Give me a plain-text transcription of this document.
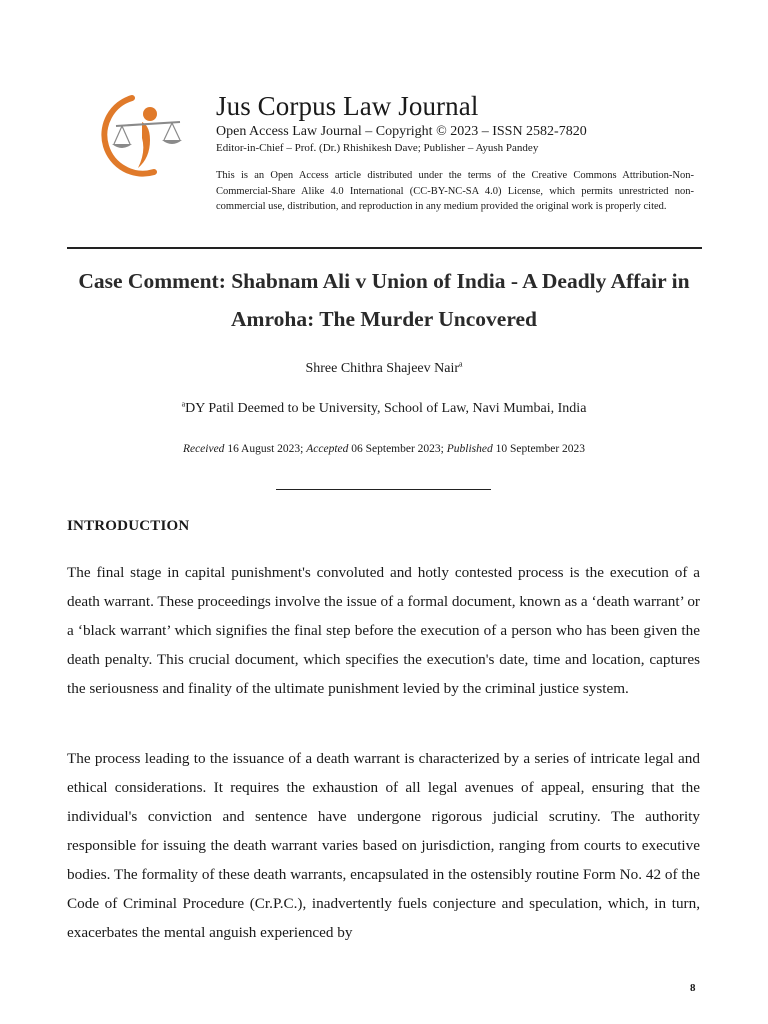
Jus Corpus Law Journal

Open Access Law Journal – Copyright © 2023 – ISSN 2582-7820

Editor-in-Chief – Prof. (Dr.) Rhishikesh Dave; Publisher – Ayush Pandey

This is an Open Access article distributed under the terms of the Creative Commons Attribution-Non-Commercial-Share Alike 4.0 International (CC-BY-NC-SA 4.0) License, which permits unrestricted non-commercial use, distribution, and reproduction in any medium provided the original work is properly cited.

Case Comment: Shabnam Ali v Union of India - A Deadly Affair in Amroha: The Murder Uncovered
Shree Chithra Shajeev Nair$^a$
$^a$DY Patil Deemed to be University, School of Law, Navi Mumbai, India
Received 16 August 2023; Accepted 06 September 2023; Published 10 September 2023
INTRODUCTION

The final stage in capital punishment's convoluted and hotly contested process is the execution of a death warrant. These proceedings involve the issue of a formal document, known as a ‘death warrant’ or a ‘black warrant’ which signifies the final step before the execution of a person who has been given the death penalty. This crucial document, which specifies the execution's date, time and location, captures the seriousness and finality of the ultimate punishment levied by the criminal justice system.

The process leading to the issuance of a death warrant is characterized by a series of intricate legal and ethical considerations. It requires the exhaustion of all legal avenues of appeal, ensuring that the individual's conviction and sentence have undergone rigorous judicial scrutiny. The authority responsible for issuing the death warrant varies based on jurisdiction, ranging from courts to executive bodies. The formality of these death warrants, encapsulated in the ostensibly routine Form No. 42 of the Code of Criminal Procedure (Cr.P.C.), inadvertently fuels conjecture and speculation, which, in turn, exacerbates the mental anguish experienced by

8
